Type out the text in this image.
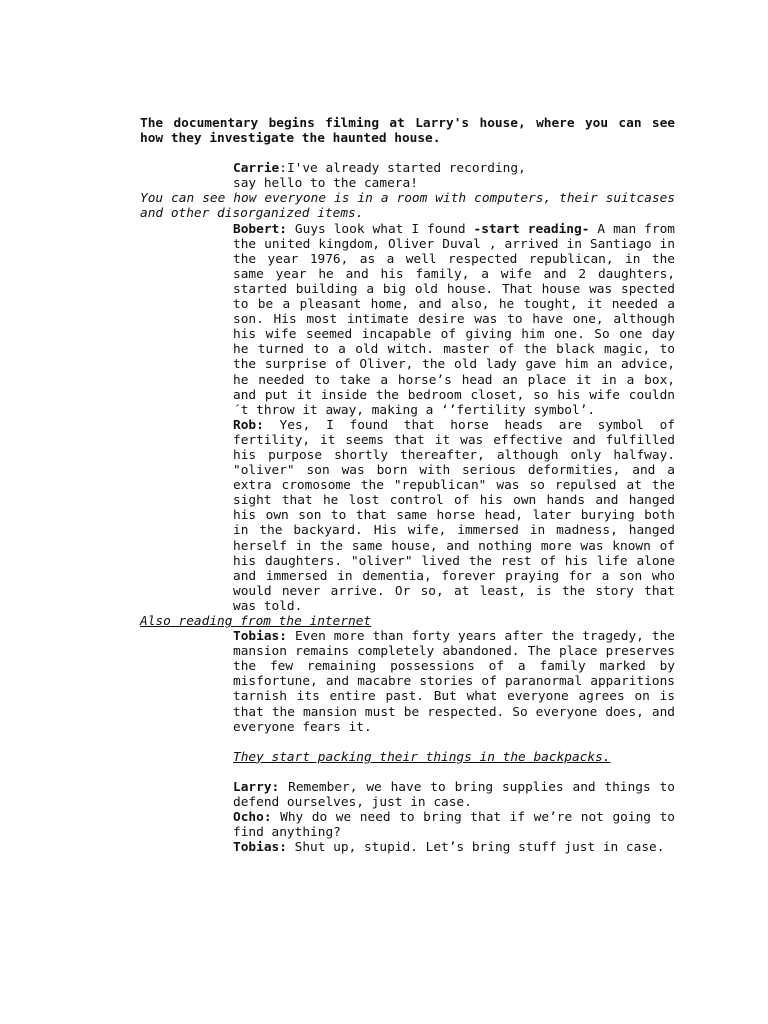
The documentary begins filming at Larry's house, where you can see how they investigate the haunted house.

Carrie:I've already started recording,
say hello to the camera!

You can see how everyone is in a room with computers, their suitcases and other disorganized items.

Bobert: Guys look what I found -start reading- A man from the united kingdom, Oliver Duval , arrived in Santiago in the year 1976, as a well respected republican, in the same year he and his family, a wife and 2 daughters, started building a big old house. That house was spected to be a pleasant home, and also, he tought, it needed a son. His most intimate desire was to have one, although his wife seemed incapable of giving him one. So one day he turned to a old witch. master of the black magic, to the surprise of Oliver, the old lady gave him an advice, he needed to take a horse’s head an place it in a box, and put it inside the bedroom closet, so his wife couldn´t throw it away, making a ‘’fertility symbol’.

Rob: Yes, I found that horse heads are symbol of fertility, it seems that it was effective and fulfilled his purpose shortly thereafter, although only halfway. "oliver" son was born with serious deformities, and a extra cromosome the "republican" was so repulsed at the sight that he lost control of his own hands and hanged his own son to that same horse head, later burying both in the backyard. His wife, immersed in madness, hanged herself in the same house, and nothing more was known of his daughters. "oliver" lived the rest of his life alone and immersed in dementia, forever praying for a son who would never arrive. Or so, at least, is the story that was told.

Also reading from the internet

Tobias: Even more than forty years after the tragedy, the mansion remains completely abandoned. The place preserves the few remaining possessions of a family marked by misfortune, and macabre stories of paranormal apparitions tarnish its entire past. But what everyone agrees on is that the mansion must be respected. So everyone does, and everyone fears it.

They start packing their things in the backpacks.

Larry: Remember, we have to bring supplies and things to defend ourselves, just in case.

Ocho: Why do we need to bring that if we’re not going to find anything?

Tobias: Shut up, stupid. Let’s bring stuff just in case.
